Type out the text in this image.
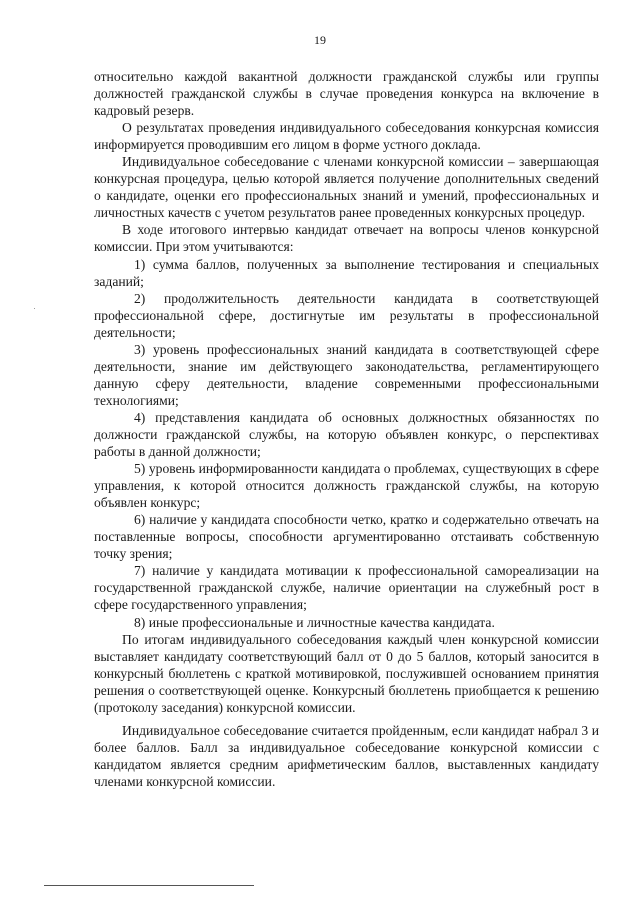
19

относительно каждой вакантной должности гражданской службы или группы должностей гражданской службы в случае проведения конкурса на включение в кадровый резерв.

О результатах проведения индивидуального собеседования конкурсная комиссия информируется проводившим его лицом в форме устного доклада.

Индивидуальное собеседование с членами конкурсной комиссии – завершающая конкурсная процедура, целью которой является получение дополнительных сведений о кандидате, оценки его профессиональных знаний и умений, профессиональных и личностных качеств с учетом результатов ранее проведенных конкурсных процедур.

В ходе итогового интервью кандидат отвечает на вопросы членов конкурсной комиссии. При этом учитываются:

1) сумма баллов, полученных за выполнение тестирования и специальных заданий;

2) продолжительность деятельности кандидата в соответствующей профессиональной сфере, достигнутые им результаты в профессиональной деятельности;

3) уровень профессиональных знаний кандидата в соответствующей сфере деятельности, знание им действующего законодательства, регламентирующего данную сферу деятельности, владение современными профессиональными технологиями;

4) представления кандидата об основных должностных обязанностях по должности гражданской службы, на которую объявлен конкурс, о перспективах работы в данной должности;

5) уровень информированности кандидата о проблемах, существующих в сфере управления, к которой относится должность гражданской службы, на которую объявлен конкурс;

6) наличие у кандидата способности четко, кратко и содержательно отвечать на поставленные вопросы, способности аргументированно отстаивать собственную точку зрения;

7) наличие у кандидата мотивации к профессиональной самореализации на государственной гражданской службе, наличие ориентации на служебный рост в сфере государственного управления;

8) иные профессиональные и личностные качества кандидата.

По итогам индивидуального собеседования каждый член конкурсной комиссии выставляет кандидату соответствующий балл от 0 до 5 баллов, который заносится в конкурсный бюллетень с краткой мотивировкой, послужившей основанием принятия решения о соответствующей оценке. Конкурсный бюллетень приобщается к решению (протоколу заседания) конкурсной комиссии.

Индивидуальное собеседование считается пройденным, если кандидат набрал 3 и более баллов. Балл за индивидуальное собеседование конкурсной комиссии с кандидатом является средним арифметическим баллов, выставленных кандидату членами конкурсной комиссии.
